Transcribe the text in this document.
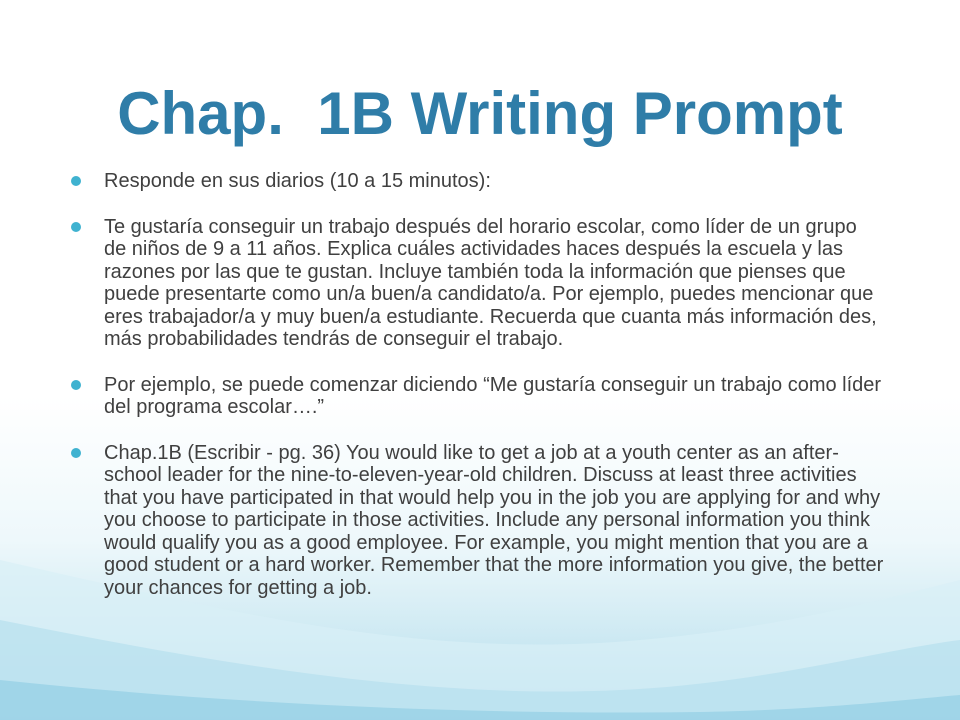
Chap.  1B Writing Prompt
Responde en sus diarios (10 a 15 minutos):
Te gustaría conseguir un trabajo después del horario escolar, como líder de un grupo de niños de 9 a 11 años. Explica cuáles actividades haces después la escuela y las razones por las que te gustan. Incluye también toda la información que pienses que puede presentarte como un/a buen/a candidato/a. Por ejemplo, puedes mencionar que eres trabajador/a y muy buen/a estudiante. Recuerda que cuanta más información des, más probabilidades tendrás de conseguir el trabajo.
Por ejemplo, se puede comenzar diciendo “Me gustaría conseguir un trabajo como líder del programa escolar….”
Chap.1B (Escribir - pg. 36) You would like to get a job at a youth center as an after-school leader for the nine-to-eleven-year-old children. Discuss at least three activities that you have participated in that would help you in the job you are applying for and why you choose to participate in those activities. Include any personal information you think would qualify you as a good employee. For example, you might mention that you are a good student or a hard worker. Remember that the more information you give, the better your chances for getting a job.
